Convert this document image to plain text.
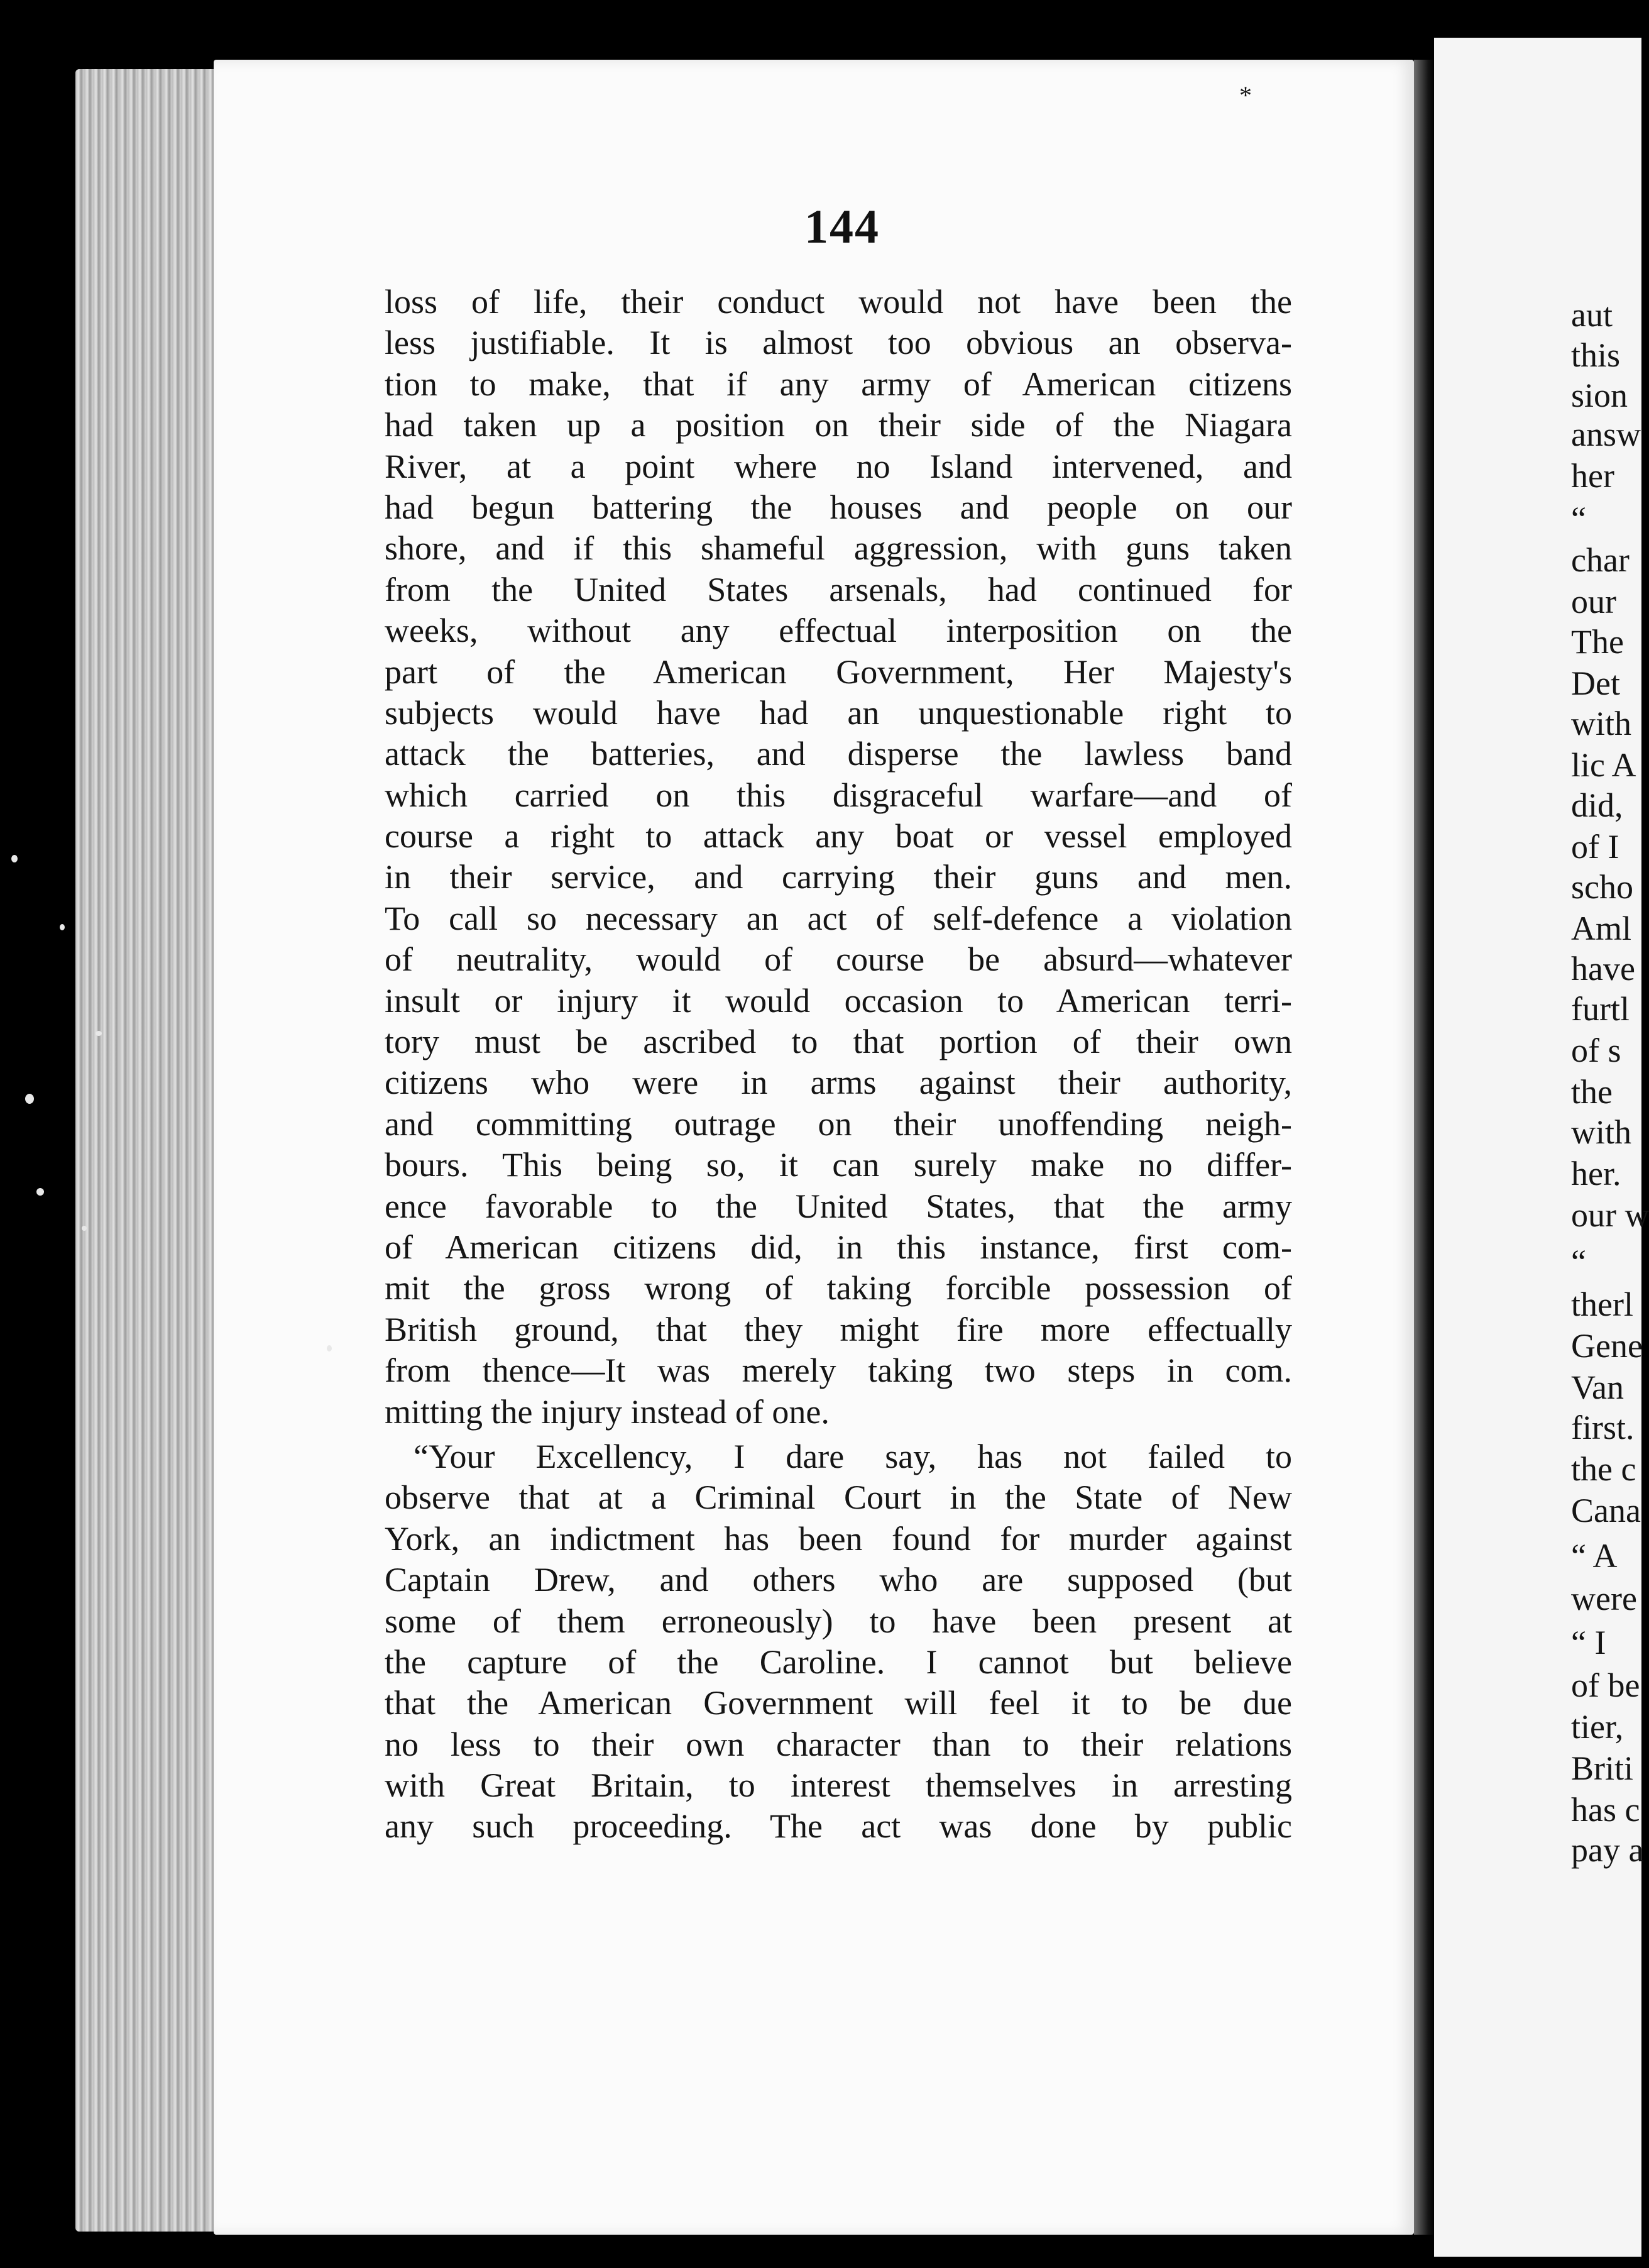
*
144
loss of life, their conduct would not have been the
less justifiable. It is almost too obvious an observa-
tion to make, that if any army of American citizens
had taken up a position on their side of the Niagara
River, at a point where no Island intervened, and
had begun battering the houses and people on our
shore, and if this shameful aggression, with guns taken
from the United States arsenals, had continued for
weeks, without any effectual interposition on the
part of the American Government, Her Majesty's
subjects would have had an unquestionable right to
attack the batteries, and disperse the lawless band
which carried on this disgraceful warfare—and of
course a right to attack any boat or vessel employed
in their service, and carrying their guns and men.
To call so necessary an act of self-defence a violation
of neutrality, would of course be absurd—whatever
insult or injury it would occasion to American terri-
tory must be ascribed to that portion of their own
citizens who were in arms against their authority,
and committing outrage on their unoffending neigh-
bours. This being so, it can surely make no differ-
ence favorable to the United States, that the army
of American citizens did, in this instance, first com-
mit the gross wrong of taking forcible possession of
British ground, that they might fire more effectually
from thence—It was merely taking two steps in com.
mitting the injury instead of one.
“Your Excellency, I dare say, has not failed to
observe that at a Criminal Court in the State of New
York, an indictment has been found for murder against
Captain Drew, and others who are supposed (but
some of them erroneously) to have been present at
the capture of the Caroline. I cannot but believe
that the American Government will feel it to be due
no less to their own character than to their relations
with Great Britain, to interest themselves in arresting
any such proceeding. The act was done by public
aut
this
sion
answ
her
“
char
our
The
Det
with
lic A
did,
of I
scho
Aml
have
furtl
of s
the
with
her.
our w
“
therl
Gene
Van
first.
the c
Cana
“ A
were
“ I
of be
tier,
Briti
has c
pay a
